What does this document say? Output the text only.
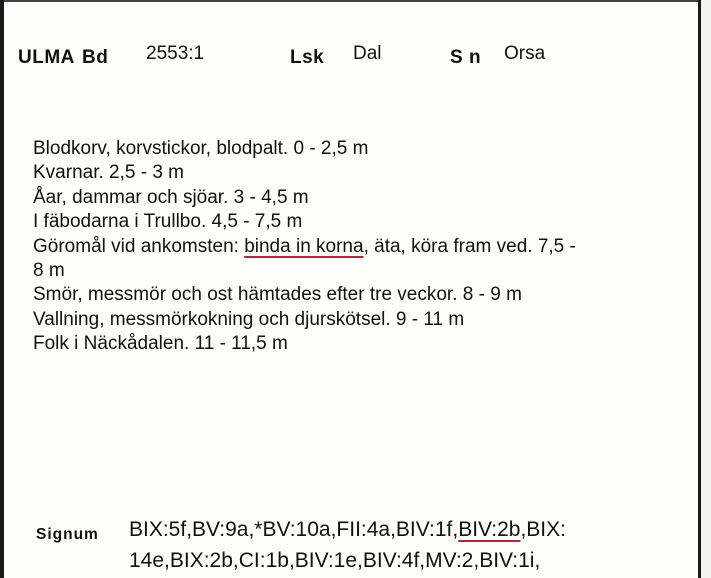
ULMA Bd 2553:1	Lsk Dal	S n Orsa
Blodkorv, korvstickor, blodpalt. 0 - 2,5 m
Kvarnar. 2,5 - 3 m
Åar, dammar och sjöar. 3 - 4,5 m
I fäbodarna i Trullbo. 4,5 - 7,5 m
Göromål vid ankomsten: binda in korna, äta, köra fram ved. 7,5 -
8 m
Smör, messmör och ost hämtades efter tre veckor. 8 - 9 m
Vallning, messmörkokning och djurskötsel. 9 - 11 m
Folk i Näckådalen. 11 - 11,5 m
Signum BIX:5f,BV:9a,*BV:10a,FII:4a,BIV:1f,BIV:2b,BIX:
14e,BIX:2b,CI:1b,BIV:1e,BIV:4f,MV:2,BIV:1i,
